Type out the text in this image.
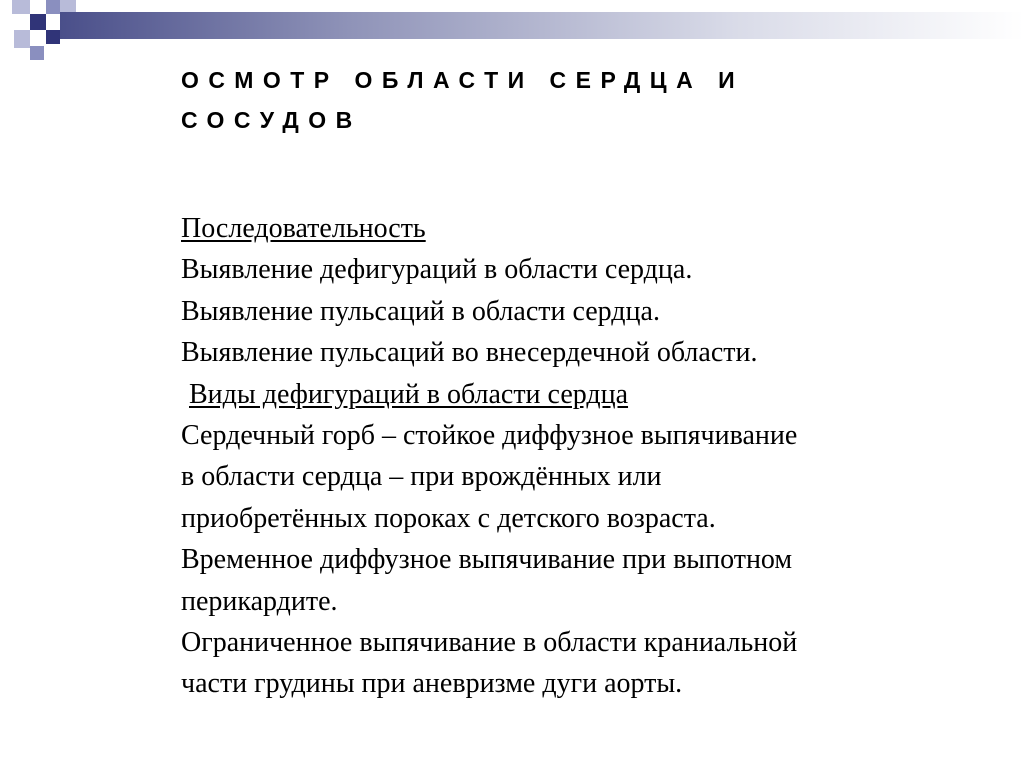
ОСМОТР ОБЛАСТИ СЕРДЦА И
СОСУДОВ
Последовательность
Выявление дефигураций в области сердца.
Выявление пульсаций в области сердца.
Выявление пульсаций во внесердечной области.
Виды дефигураций в области сердца
Сердечный горб – стойкое диффузное выпячивание
в области сердца – при врождённых или
приобретённых пороках с детского возраста.
Временное диффузное выпячивание при выпотном
перикардите.
Ограниченное выпячивание в области краниальной
части грудины при аневризме дуги аорты.
